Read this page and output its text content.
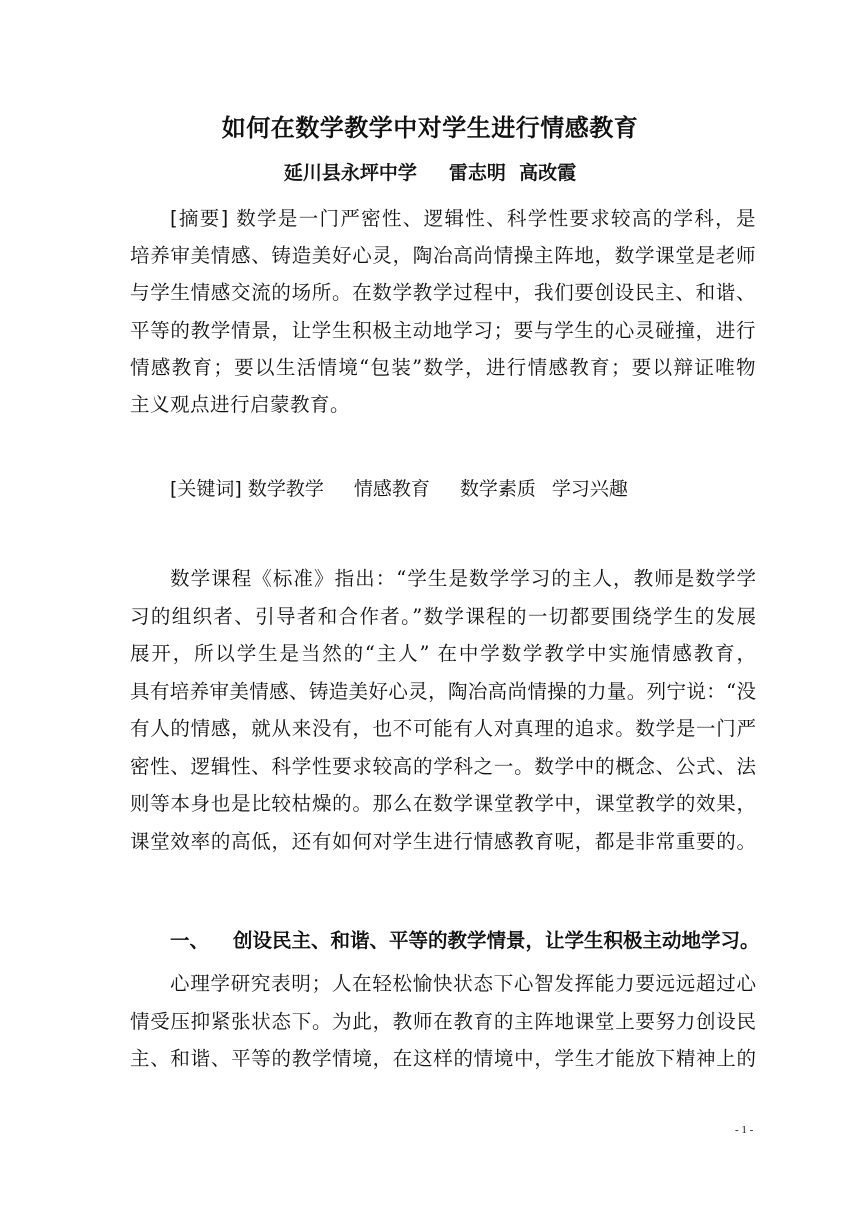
如何在数学教学中对学生进行情感教育
延川县永坪中学 雷志明  高改霞
[摘要] 数学是一门严密性、逻辑性、科学性要求较高的学科，是
培养审美情感、铸造美好心灵，陶冶高尚情操主阵地，数学课堂是老师
与学生情感交流的场所。在数学教学过程中，我们要创设民主、和谐、
平等的教学情景，让学生积极主动地学习；要与学生的心灵碰撞，进行
情感教育；要以生活情境“包装”数学，进行情感教育；要以辩证唯物
主义观点进行启蒙教育。
[关键词] 数学教学 情感教育 数学素质 学习兴趣
数学课程《标准》指出：“学生是数学学习的主人，教师是数学学
习的组织者、引导者和合作者。”数学课程的一切都要围绕学生的发展
展开，所以学生是当然的“主人” 在中学数学教学中实施情感教育，
具有培养审美情感、铸造美好心灵，陶冶高尚情操的力量。列宁说：“没
有人的情感，就从来没有，也不可能有人对真理的追求。数学是一门严
密性、逻辑性、科学性要求较高的学科之一。数学中的概念、公式、法
则等本身也是比较枯燥的。那么在数学课堂教学中，课堂教学的效果，
课堂效率的高低，还有如何对学生进行情感教育呢，都是非常重要的。
一、 创设民主、和谐、平等的教学情景，让学生积极主动地学习。
心理学研究表明；人在轻松愉快状态下心智发挥能力要远远超过心
情受压抑紧张状态下。为此，教师在教育的主阵地课堂上要努力创设民
主、和谐、平等的教学情境，在这样的情境中，学生才能放下精神上的
- 1 -
